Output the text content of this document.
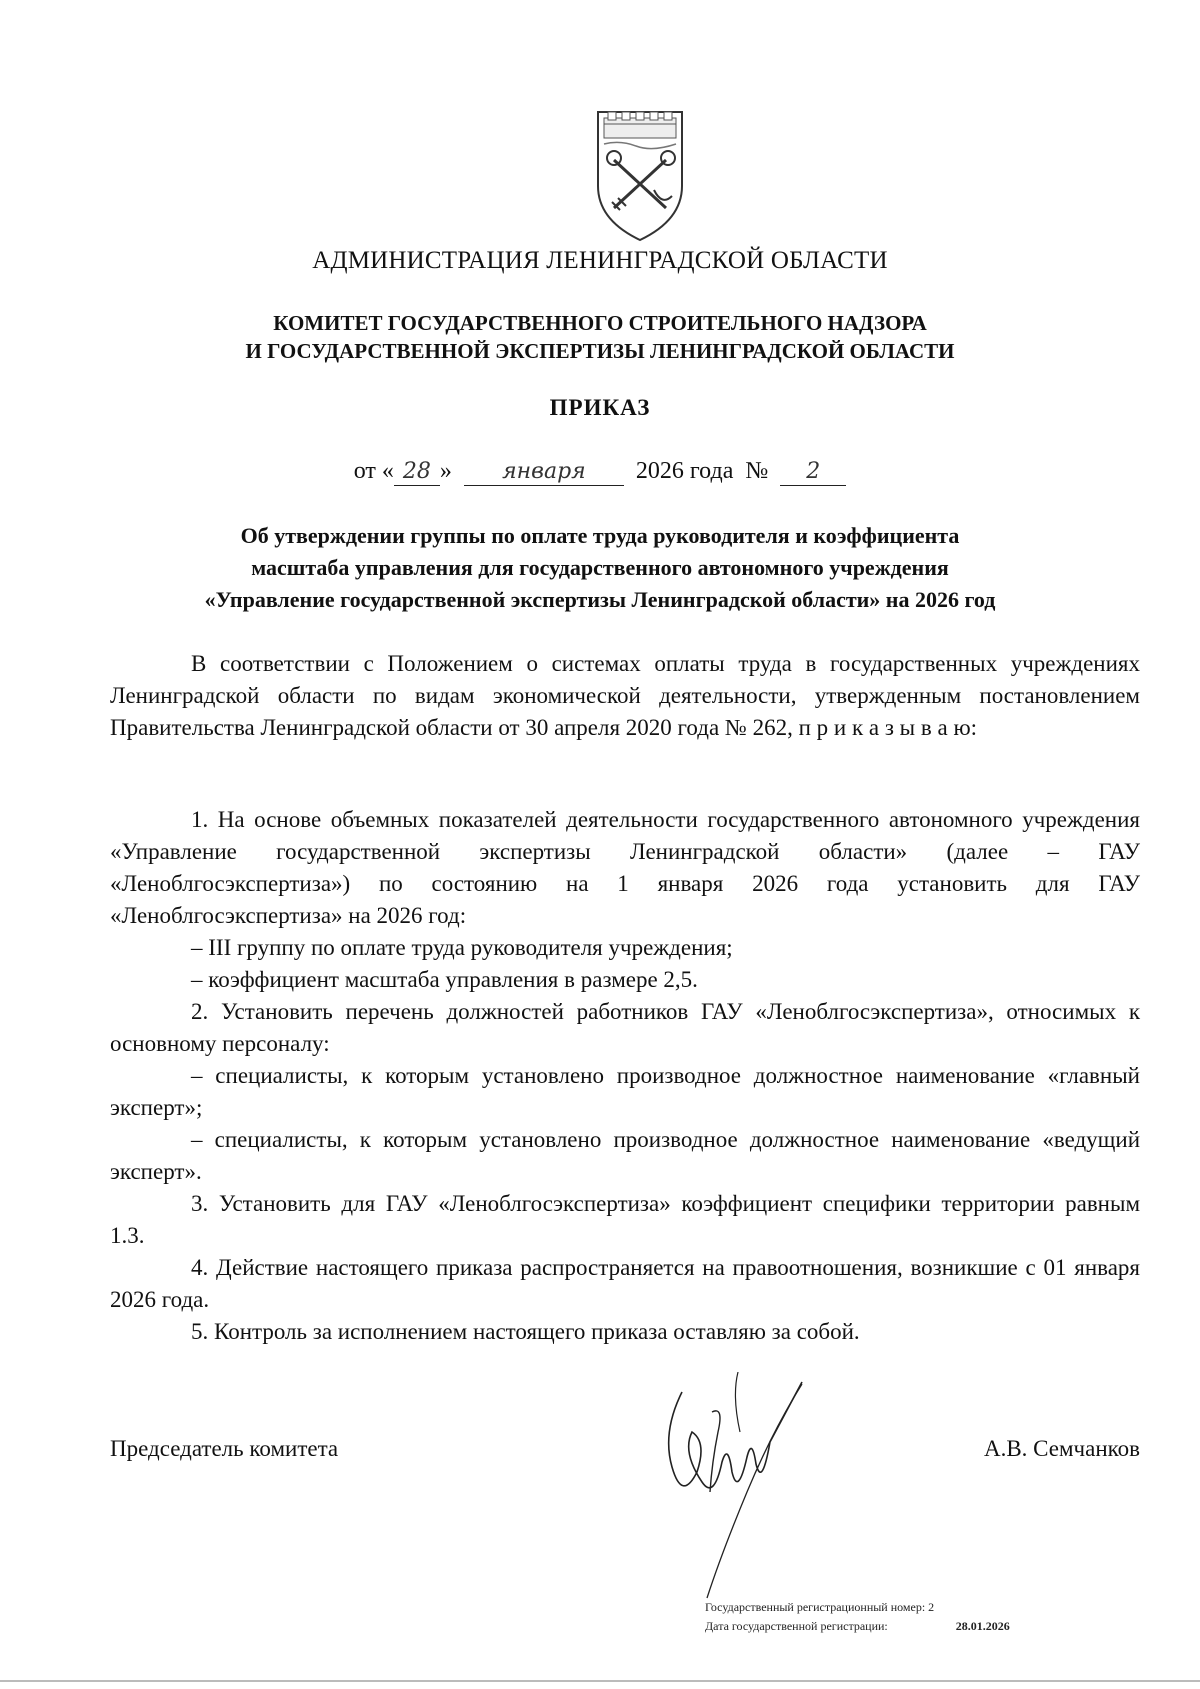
АДМИНИСТРАЦИЯ ЛЕНИНГРАДСКОЙ ОБЛАСТИ
КОМИТЕТ ГОСУДАРСТВЕННОГО СТРОИТЕЛЬНОГО НАДЗОРА
И ГОСУДАРСТВЕННОЙ ЭКСПЕРТИЗЫ ЛЕНИНГРАДСКОЙ ОБЛАСТИ
ПРИКАЗ
от « 28 » января 2026 года № 2
Об утверждении группы по оплате труда руководителя и коэффициента
масштаба управления для государственного автономного учреждения
«Управление государственной экспертизы Ленинградской области» на 2026 год

В соответствии с Положением о системах оплаты труда в государственных учреждениях Ленинградской области по видам экономической деятельности, утвержденным постановлением Правительства Ленинградской области от 30 апреля 2020 года № 262, п р и к а з ы в а ю:

1. На основе объемных показателей деятельности государственного автономного учреждения «Управление государственной экспертизы Ленинградской области» (далее – ГАУ «Леноблгосэкспертиза») по состоянию на 1 января 2026 года установить для ГАУ «Леноблгосэкспертиза» на 2026 год:

– III группу по оплате труда руководителя учреждения;

– коэффициент масштаба управления в размере 2,5.

2. Установить перечень должностей работников ГАУ «Леноблгосэкспертиза», относимых к основному персоналу:

– специалисты, к которым установлено производное должностное наименование «главный эксперт»;

– специалисты, к которым установлено производное должностное наименование «ведущий эксперт».

3. Установить для ГАУ «Леноблгосэкспертиза» коэффициент специфики территории равным 1.3.

4. Действие настоящего приказа распространяется на правоотношения, возникшие с 01 января 2026 года.

5. Контроль за исполнением настоящего приказа оставляю за собой.

Председатель комитета	А.В. Семчанков
Государственный регистрационный номер: 2
Дата государственной регистрации:	28.01.2026
